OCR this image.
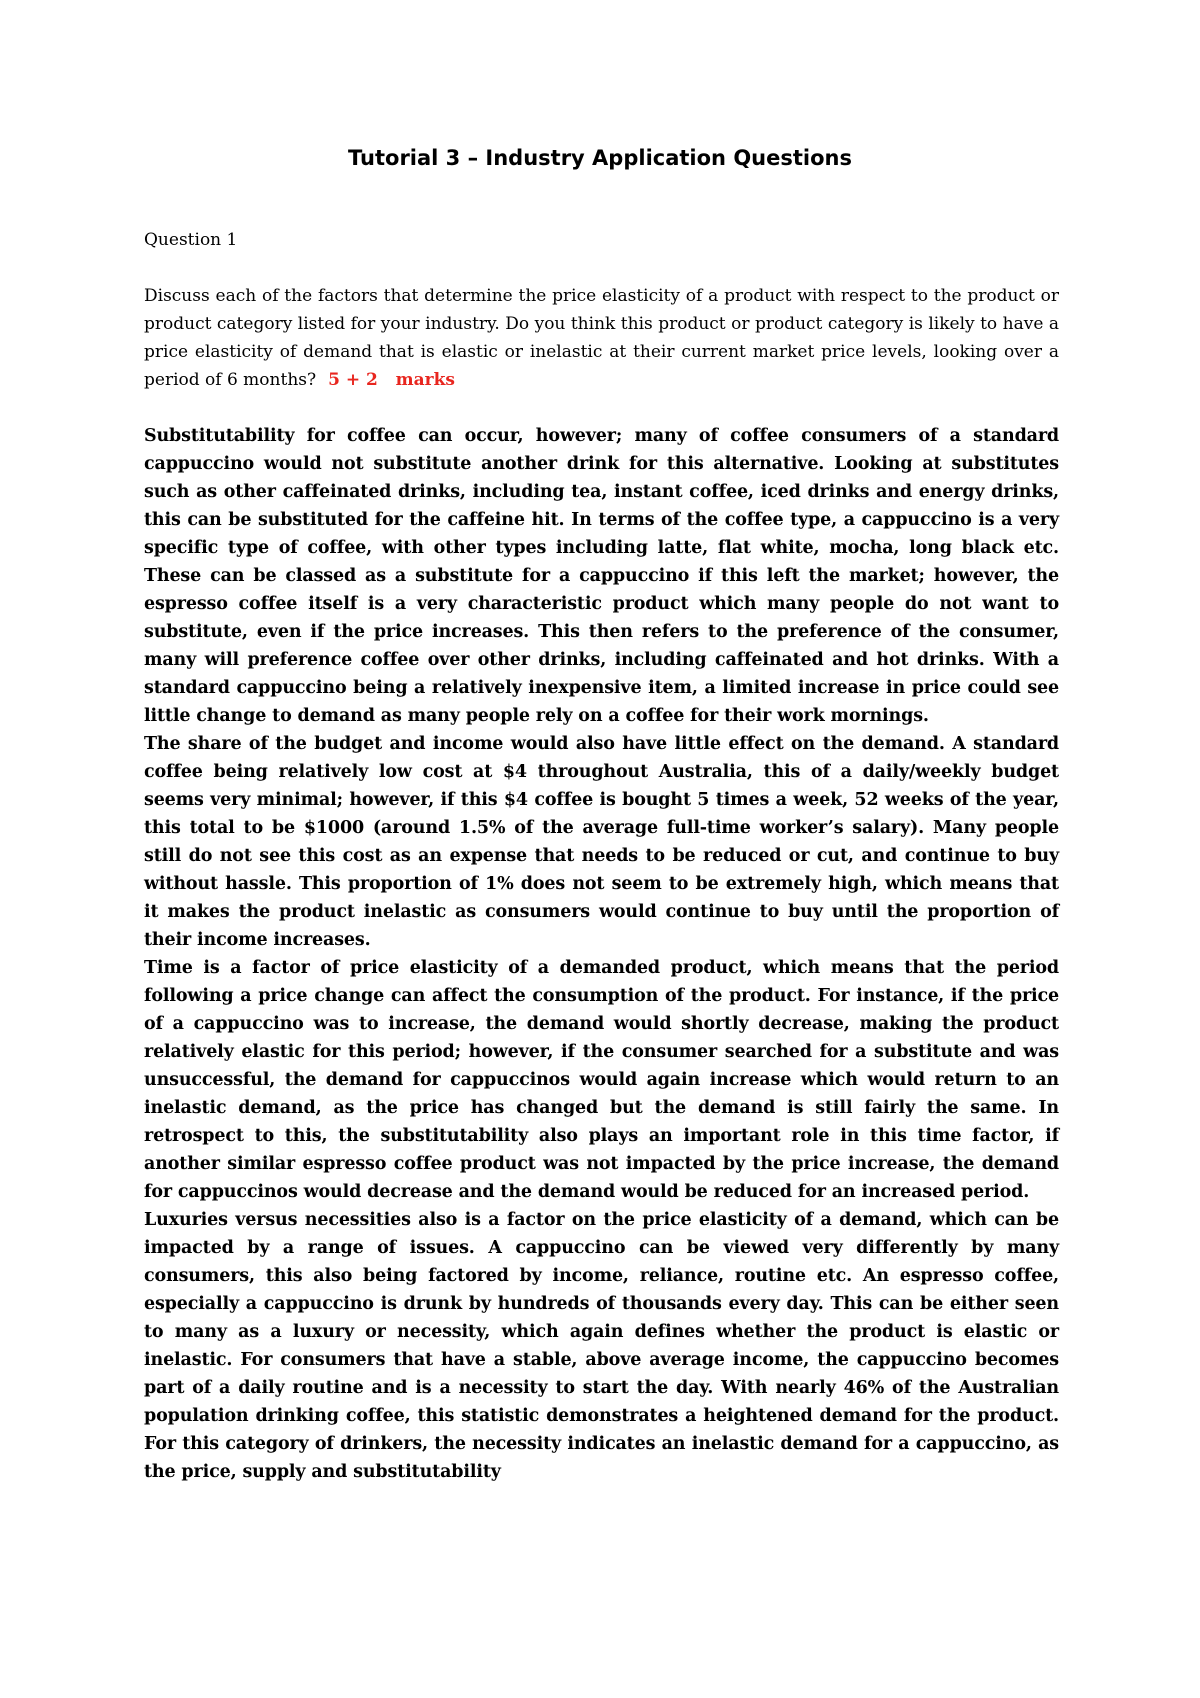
Tutorial 3 – Industry Application Questions

Question 1

Discuss each of the factors that determine the price elasticity of a product with respect to the product or product category listed for your industry. Do you think this product or product category is likely to have a price elasticity of demand that is elastic or inelastic at their current market price levels, looking over a period of 6 months? 5 + 2   marks

Substitutability for coffee can occur, however; many of coffee consumers of a standard cappuccino would not substitute another drink for this alternative. Looking at substitutes such as other caffeinated drinks, including tea, instant coffee, iced drinks and energy drinks, this can be substituted for the caffeine hit. In terms of the coffee type, a cappuccino is a very specific type of coffee, with other types including latte, flat white, mocha, long black etc. These can be classed as a substitute for a cappuccino if this left the market; however, the espresso coffee itself is a very characteristic product which many people do not want to substitute, even if the price increases. This then refers to the preference of the consumer, many will preference coffee over other drinks, including caffeinated and hot drinks. With a standard cappuccino being a relatively inexpensive item, a limited increase in price could see little change to demand as many people rely on a coffee for their work mornings.

The share of the budget and income would also have little effect on the demand. A standard coffee being relatively low cost at $4 throughout Australia, this of a daily/weekly budget seems very minimal; however, if this $4 coffee is bought 5 times a week, 52 weeks of the year, this total to be $1000 (around 1.5% of the average full-time worker’s salary). Many people still do not see this cost as an expense that needs to be reduced or cut, and continue to buy without hassle. This proportion of 1% does not seem to be extremely high, which means that it makes the product inelastic as consumers would continue to buy until the proportion of their income increases.

Time is a factor of price elasticity of a demanded product, which means that the period following a price change can affect the consumption of the product. For instance, if the price of a cappuccino was to increase, the demand would shortly decrease, making the product relatively elastic for this period; however, if the consumer searched for a substitute and was unsuccessful, the demand for cappuccinos would again increase which would return to an inelastic demand, as the price has changed but the demand is still fairly the same. In retrospect to this, the substitutability also plays an important role in this time factor, if another similar espresso coffee product was not impacted by the price increase, the demand for cappuccinos would decrease and the demand would be reduced for an increased period.

Luxuries versus necessities also is a factor on the price elasticity of a demand, which can be impacted by a range of issues. A cappuccino can be viewed very differently by many consumers, this also being factored by income, reliance, routine etc. An espresso coffee, especially a cappuccino is drunk by hundreds of thousands every day. This can be either seen to many as a luxury or necessity, which again defines whether the product is elastic or inelastic. For consumers that have a stable, above average income, the cappuccino becomes part of a daily routine and is a necessity to start the day. With nearly 46% of the Australian population drinking coffee, this statistic demonstrates a heightened demand for the product. For this category of drinkers, the necessity indicates an inelastic demand for a cappuccino, as the price, supply and substitutability
